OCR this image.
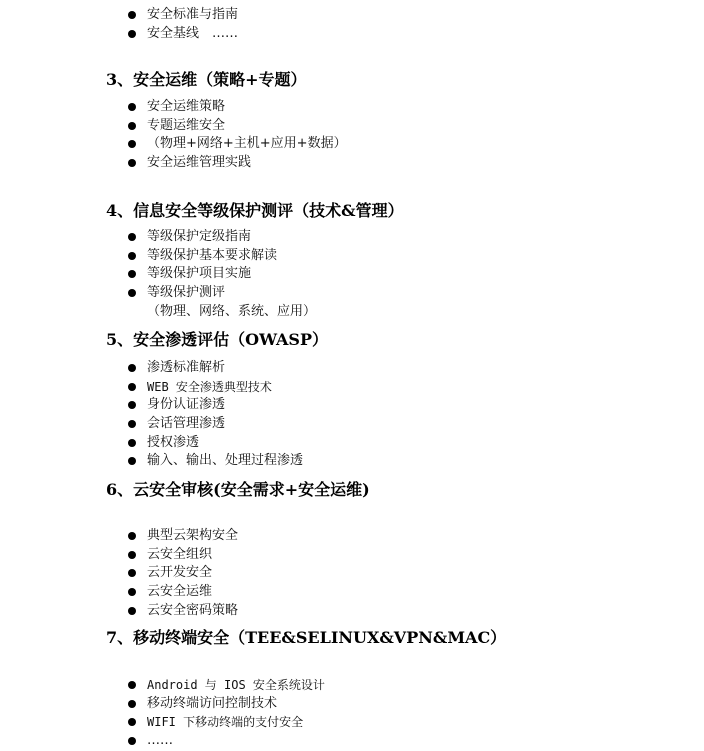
安全标准与指南
安全基线　……
3、安全运维（策略+专题）
安全运维策略
专题运维安全
（物理+网络+主机+应用+数据）
安全运维管理实践
4、信息安全等级保护测评（技术&管理）
等级保护定级指南
等级保护基本要求解读
等级保护项目实施
等级保护测评
（物理、网络、系统、应用）
5、安全渗透评估（OWASP）
渗透标准解析
WEB 安全渗透典型技术
身份认证渗透
会话管理渗透
授权渗透
输入、输出、处理过程渗透
6、云安全审核(安全需求+安全运维)
典型云架构安全
云安全组织
云开发安全
云安全运维
云安全密码策略
7、移动终端安全（TEE&SELINUX&VPN&MAC）
Android 与 IOS 安全系统设计
移动终端访问控制技术
WIFI 下移动终端的支付安全
……
